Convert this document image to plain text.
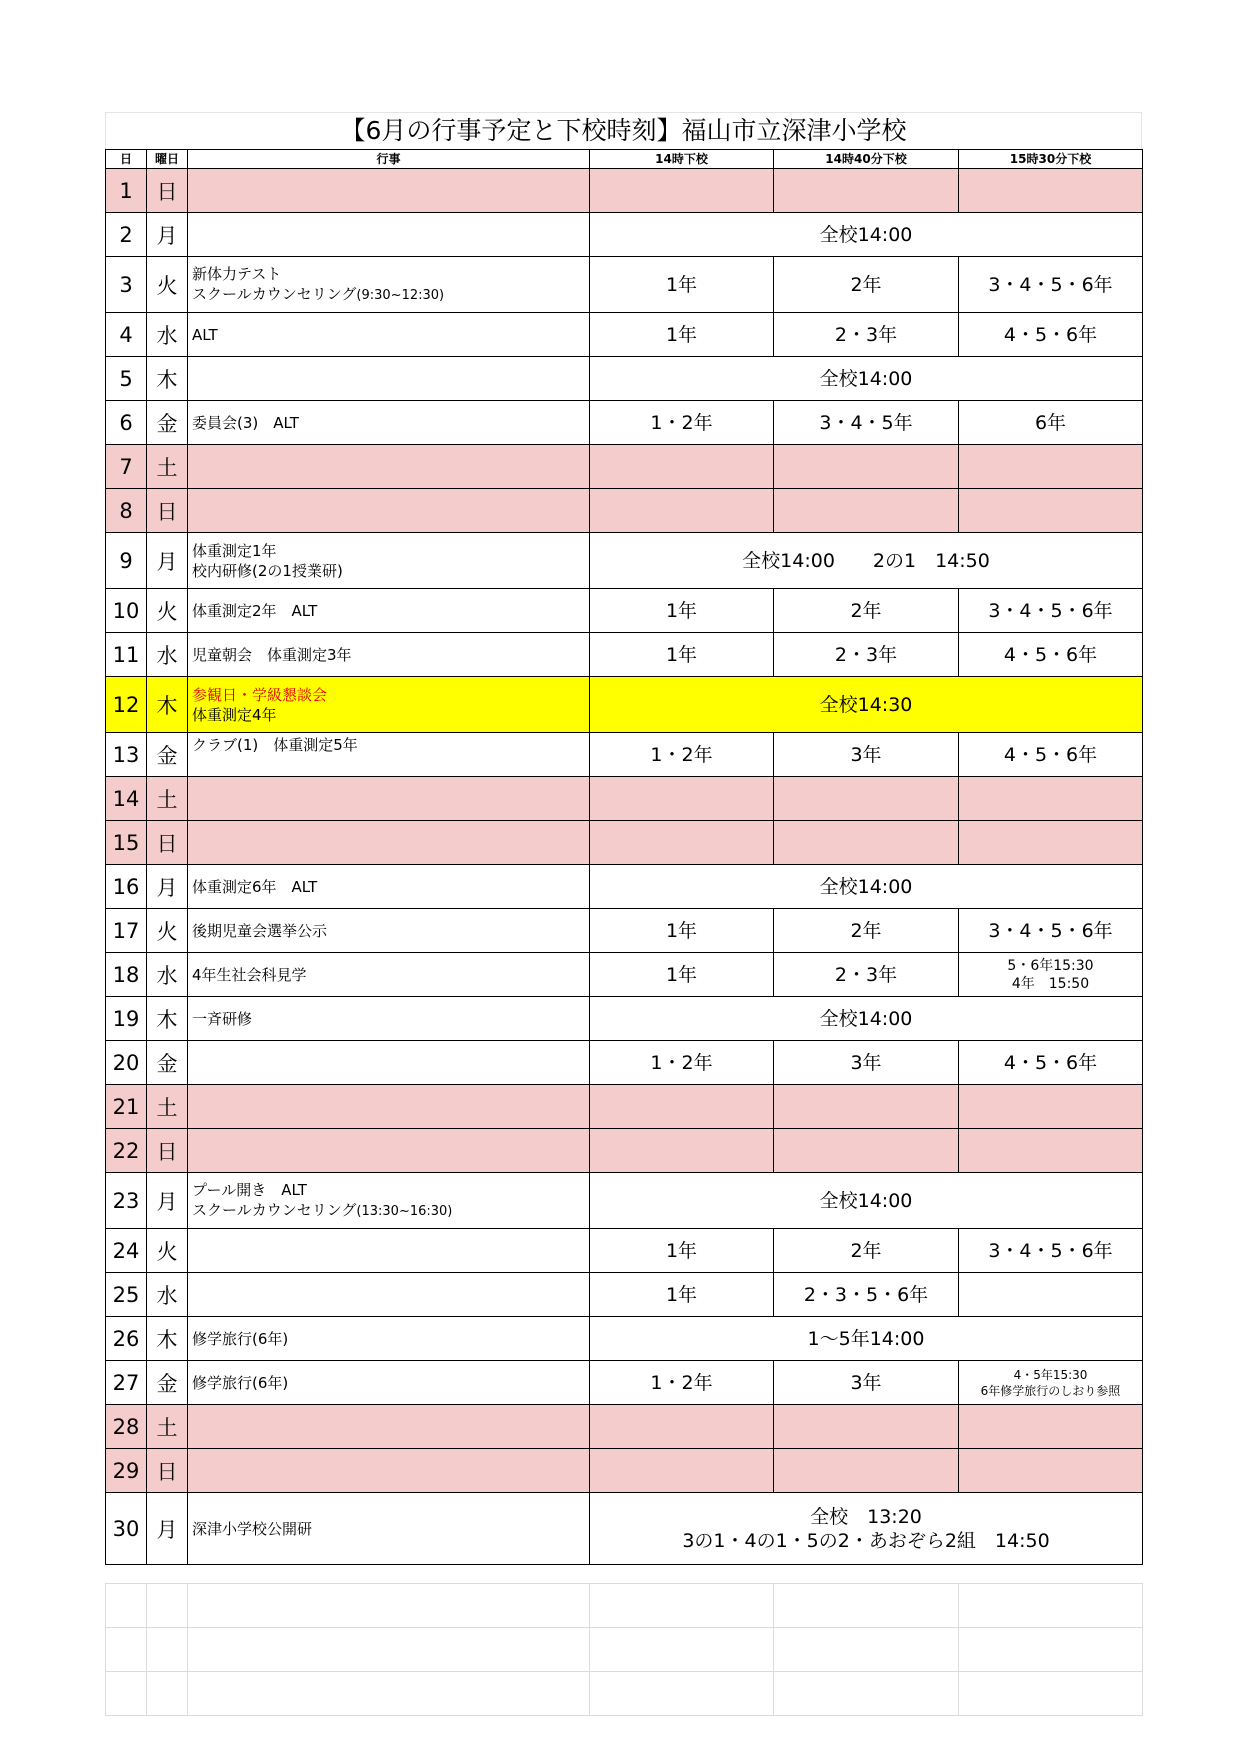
【6月の行事予定と下校時刻】福山市立深津小学校
日	曜日	行事	14時下校	14時40分下校	15時30分下校
1	日				
2	月		全校14:00		

3	火	新体力テスト
スクールカウンセリング(9:30~12:30)	1年	2年	3・4・5・6年

4	水	ALT	1年	2・3年	4・5・6年

5	木		全校14:00		

6	金	委員会(3)　ALT	1・2年	3・4・5年	6年

7	土				
8	日				
9	月	体重測定1年
校内研修(2の1授業研)	全校14:00　　2の1　14:50		

10	火	体重測定2年　ALT	1年	2年	3・4・5・6年

11	水	児童朝会　体重測定3年	1年	2・3年	4・5・6年

12	木	参観日・学級懇談会
体重測定4年	全校14:30		

13	金	クラブ(1)　体重測定5年	1・2年	3年	4・5・6年

14	土				
15	日				
16	月	体重測定6年　ALT	全校14:00		

17	火	後期児童会選挙公示	1年	2年	3・4・5・6年

18	水	4年生社会科見学	1年	2・3年	5・6年15:30
4年　15:50

19	木	一斉研修	全校14:00		

20	金		1・2年	3年	4・5・6年

21	土				
22	日				
23	月	プール開き　ALT
スクールカウンセリング(13:30~16:30)	全校14:00		

24	火		1年	2年	3・4・5・6年

25	水		1年	2・3・5・6年	

26	木	修学旅行(6年)	1～5年14:00		

27	金	修学旅行(6年)	1・2年	3年	4・5年15:30
6年修学旅行のしおり参照

28	土				
29	日				
30	月	深津小学校公開研	全校　13:20
3の1・4の1・5の2・あおぞら2組　14:50		
